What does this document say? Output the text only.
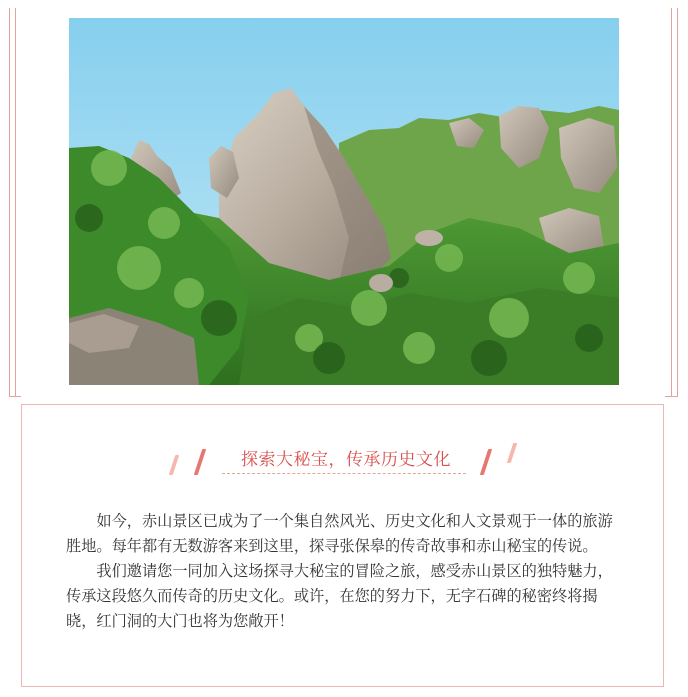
探索大秘宝，传承历史文化

如今，赤山景区已成为了一个集自然风光、历史文化和人文景观于一体的旅游胜地。每年都有无数游客来到这里，探寻张保皋的传奇故事和赤山秘宝的传说。

我们邀请您一同加入这场探寻大秘宝的冒险之旅，感受赤山景区的独特魅力，传承这段悠久而传奇的历史文化。或许，在您的努力下，无字石碑的秘密终将揭晓，红门洞的大门也将为您敞开！
